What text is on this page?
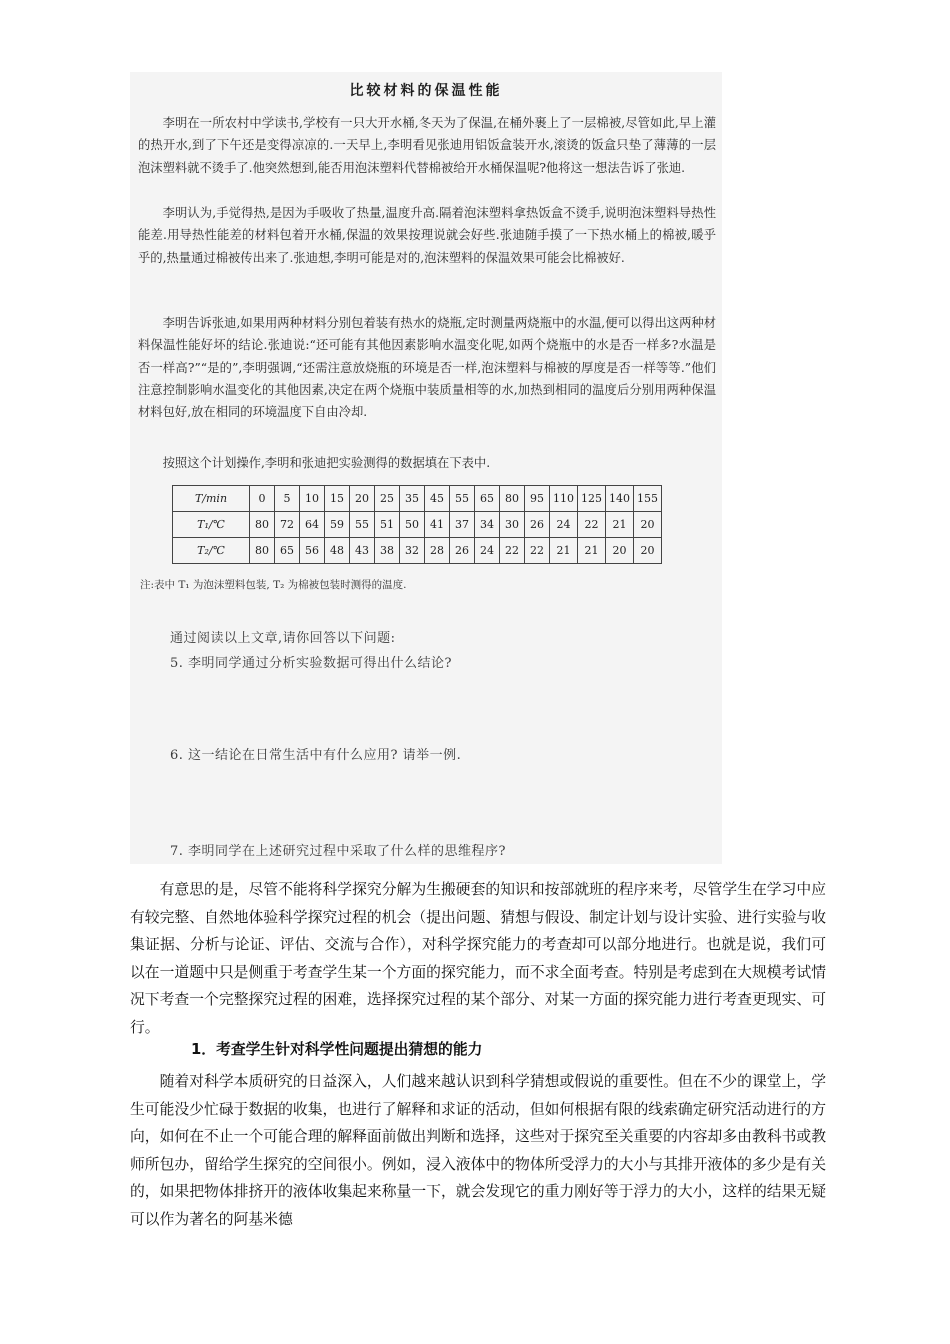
比较材料的保温性能

李明在一所农村中学读书,学校有一只大开水桶,冬天为了保温,在桶外裹上了一层棉被,尽管如此,早上灌的热开水,到了下午还是变得凉凉的.一天早上,李明看见张迪用铝饭盒装开水,滚烫的饭盒只垫了薄薄的一层泡沫塑料就不烫手了.他突然想到,能否用泡沫塑料代替棉被给开水桶保温呢?他将这一想法告诉了张迪.

李明认为,手觉得热,是因为手吸收了热量,温度升高.隔着泡沫塑料拿热饭盒不烫手,说明泡沫塑料导热性能差.用导热性能差的材料包着开水桶,保温的效果按理说就会好些.张迪随手摸了一下热水桶上的棉被,暖乎乎的,热量通过棉被传出来了.张迪想,李明可能是对的,泡沫塑料的保温效果可能会比棉被好.

李明告诉张迪,如果用两种材料分别包着装有热水的烧瓶,定时测量两烧瓶中的水温,便可以得出这两种材料保温性能好坏的结论.张迪说:“还可能有其他因素影响水温变化呢,如两个烧瓶中的水是否一样多?水温是否一样高?”“是的”,李明强调,“还需注意放烧瓶的环境是否一样,泡沫塑料与棉被的厚度是否一样等等.”他们注意控制影响水温变化的其他因素,决定在两个烧瓶中装质量相等的水,加热到相同的温度后分别用两种保温材料包好,放在相同的环境温度下自由冷却.

按照这个计划操作,李明和张迪把实验测得的数据填在下表中.

T/min	0	5	10	15	20	25	35	45	55	65	80	95	110	125	140	155
T₁/℃	80	72	64	59	55	51	50	41	37	34	30	26	24	22	21	20
T₂/℃	80	65	56	48	43	38	32	28	26	24	22	22	21	21	20	20
注:表中 T₁ 为泡沫塑料包装, T₂ 为棉被包装时测得的温度.
通过阅读以上文章,请你回答以下问题:
5. 李明同学通过分析实验数据可得出什么结论?
6. 这一结论在日常生活中有什么应用? 请举一例.
7. 李明同学在上述研究过程中采取了什么样的思维程序?

有意思的是，尽管不能将科学探究分解为生搬硬套的知识和按部就班的程序来考，尽管学生在学习中应有较完整、自然地体验科学探究过程的机会（提出问题、猜想与假设、制定计划与设计实验、进行实验与收集证据、分析与论证、评估、交流与合作），对科学探究能力的考查却可以部分地进行。也就是说，我们可以在一道题中只是侧重于考查学生某一个方面的探究能力，而不求全面考查。特别是考虑到在大规模考试情况下考查一个完整探究过程的困难，选择探究过程的某个部分、对某一方面的探究能力进行考查更现实、可行。

1．考查学生针对科学性问题提出猜想的能力

随着对科学本质研究的日益深入，人们越来越认识到科学猜想或假说的重要性。但在不少的课堂上，学生可能没少忙碌于数据的收集，也进行了解释和求证的活动，但如何根据有限的线索确定研究活动进行的方向，如何在不止一个可能合理的解释面前做出判断和选择，这些对于探究至关重要的内容却多由教科书或教师所包办，留给学生探究的空间很小。例如，浸入液体中的物体所受浮力的大小与其排开液体的多少是有关的，如果把物体排挤开的液体收集起来称量一下，就会发现它的重力刚好等于浮力的大小，这样的结果无疑可以作为著名的阿基米德
